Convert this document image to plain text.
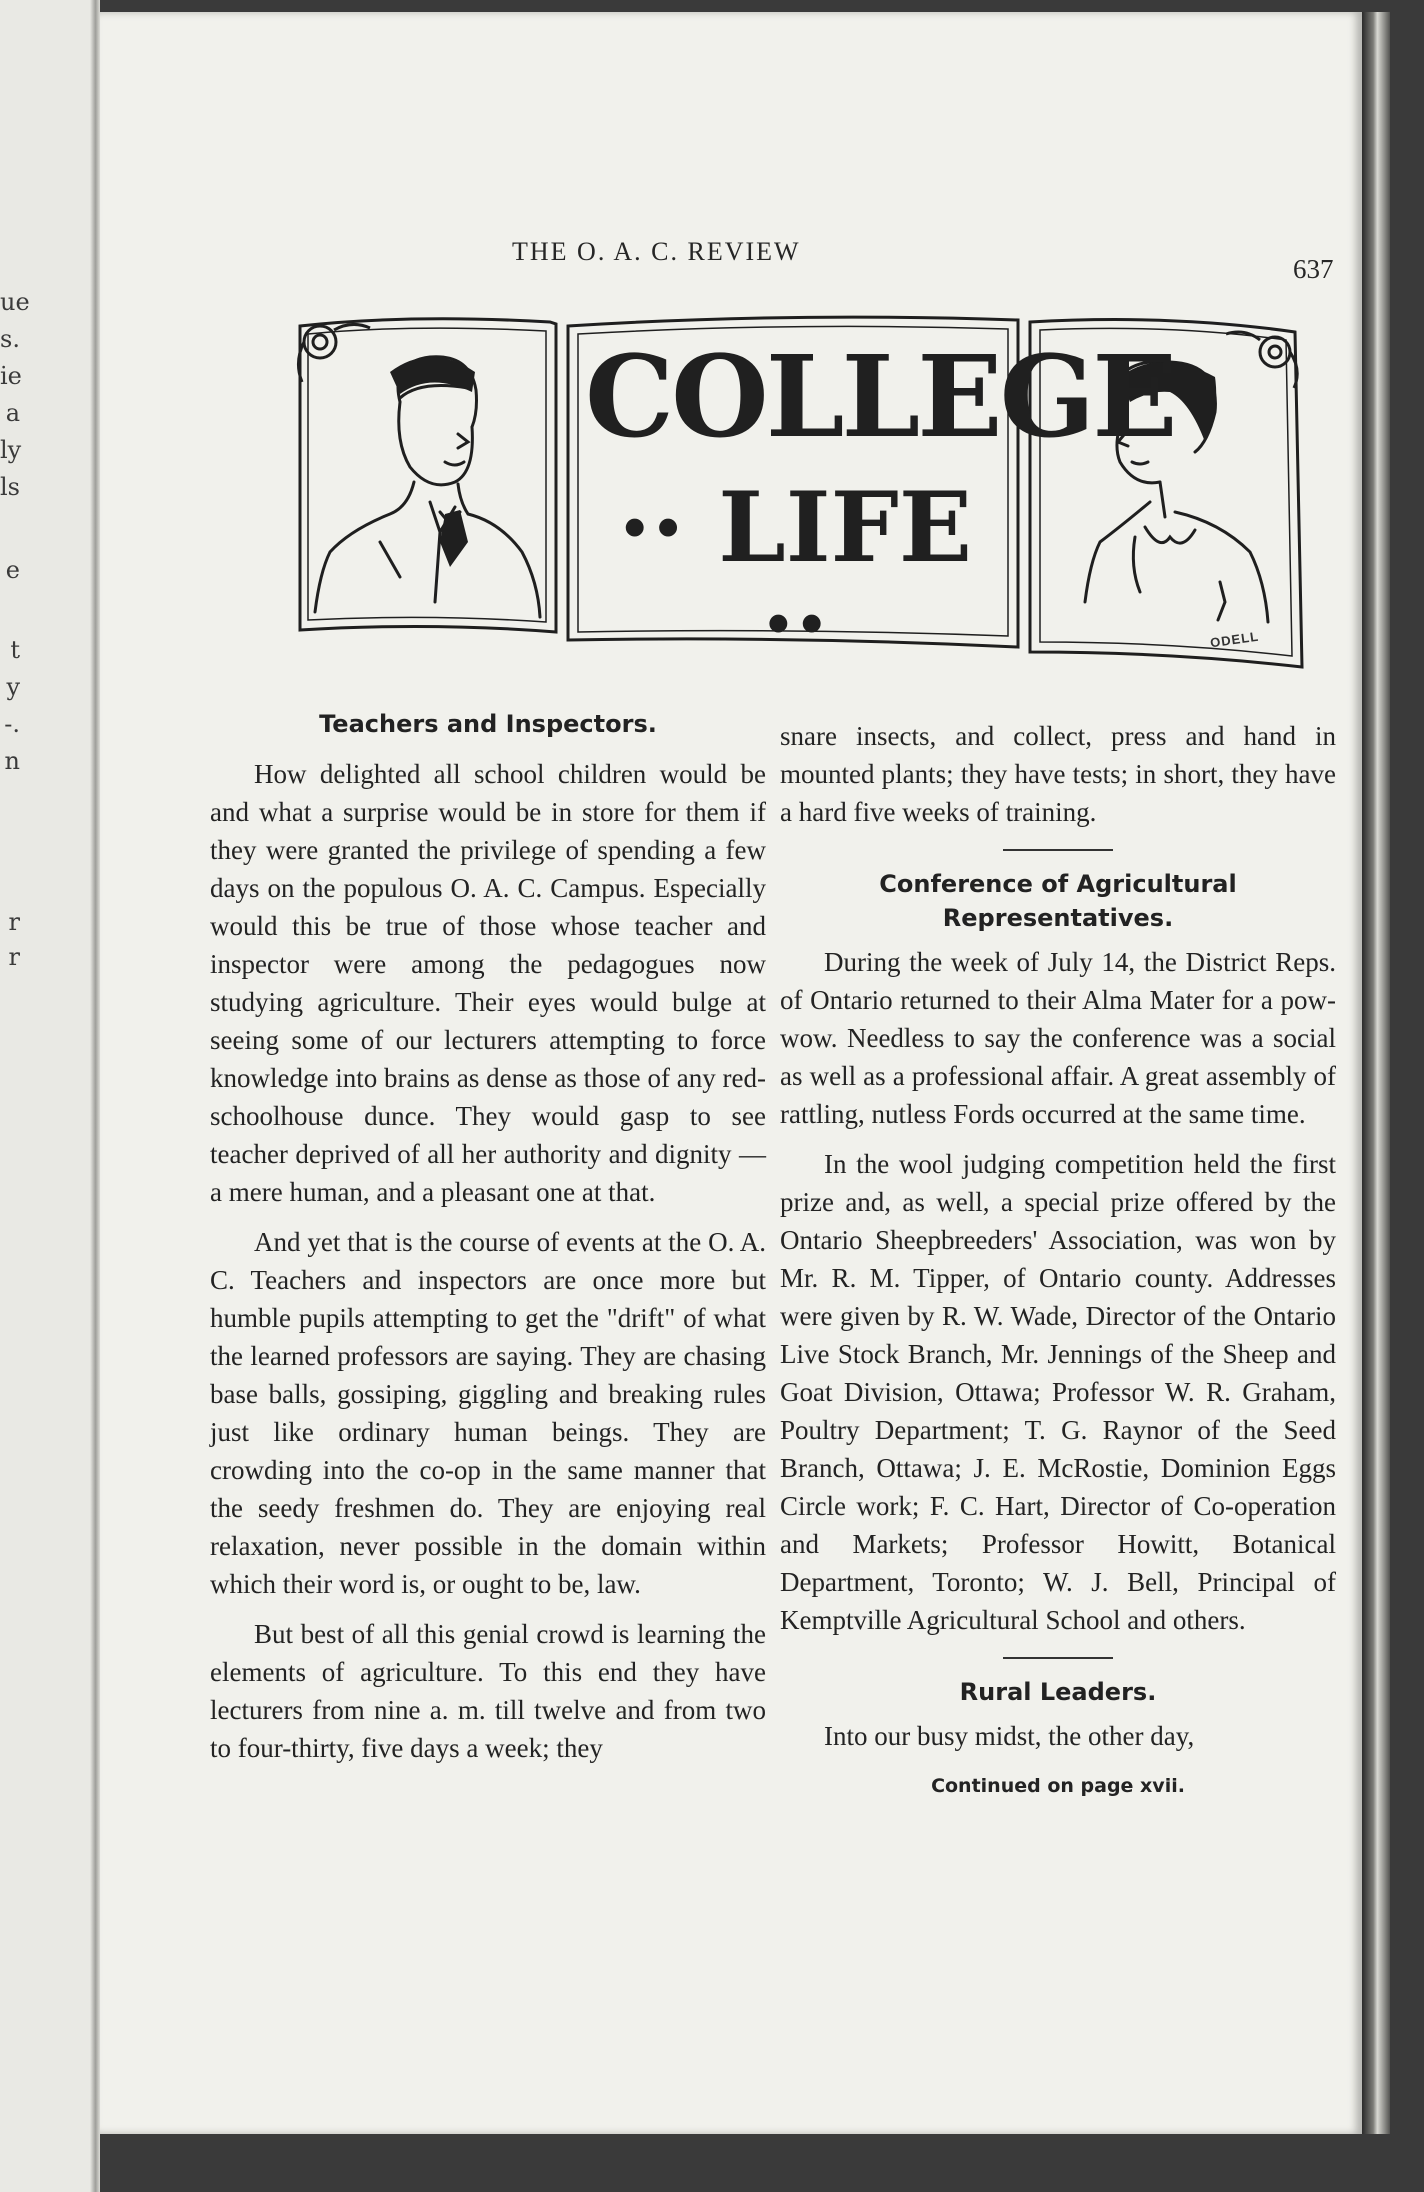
ue
s.
ie
a
ly
ls
e
t
y
-.
n
r
r
THE O. A. C. REVIEW
637
COLLEGE
·· LIFE ··	ODELL
Teachers and Inspectors.

How delighted all school children would be and what a surprise would be in store for them if they were granted the privilege of spending a few days on the populous O. A. C. Campus. Especially would this be true of those whose teacher and inspector were among the pedagogues now studying agriculture. Their eyes would bulge at seeing some of our lecturers attempting to force knowledge into brains as dense as those of any red-schoolhouse dunce. They would gasp to see teacher deprived of all her authority and dignity —a mere human, and a pleasant one at that.

And yet that is the course of events at the O. A. C. Teachers and inspectors are once more but humble pupils attempting to get the "drift" of what the learned professors are saying. They are chasing base balls, gossiping, giggling and breaking rules just like ordinary human beings. They are crowding into the co-op in the same manner that the seedy freshmen do. They are enjoying real relaxation, never possible in the domain within which their word is, or ought to be, law.

But best of all this genial crowd is learning the elements of agriculture. To this end they have lecturers from nine a. m. till twelve and from two to four-thirty, five days a week; they

snare insects, and collect, press and hand in mounted plants; they have tests; in short, they have a hard five weeks of training.

Conference of Agricultural Representatives.

During the week of July 14, the District Reps. of Ontario returned to their Alma Mater for a pow-wow. Needless to say the conference was a social as well as a professional affair. A great assembly of rattling, nutless Fords occurred at the same time.

In the wool judging competition held the first prize and, as well, a special prize offered by the Ontario Sheepbreeders' Association, was won by Mr. R. M. Tipper, of Ontario county. Addresses were given by R. W. Wade, Director of the Ontario Live Stock Branch, Mr. Jennings of the Sheep and Goat Division, Ottawa; Professor W. R. Graham, Poultry Department; T. G. Raynor of the Seed Branch, Ottawa; J. E. McRostie, Dominion Eggs Circle work; F. C. Hart, Director of Co-operation and Markets; Professor Howitt, Botanical Department, Toronto; W. J. Bell, Principal of Kemptville Agricultural School and others.

Rural Leaders.

Into our busy midst, the other day,

Continued on page xvii.
